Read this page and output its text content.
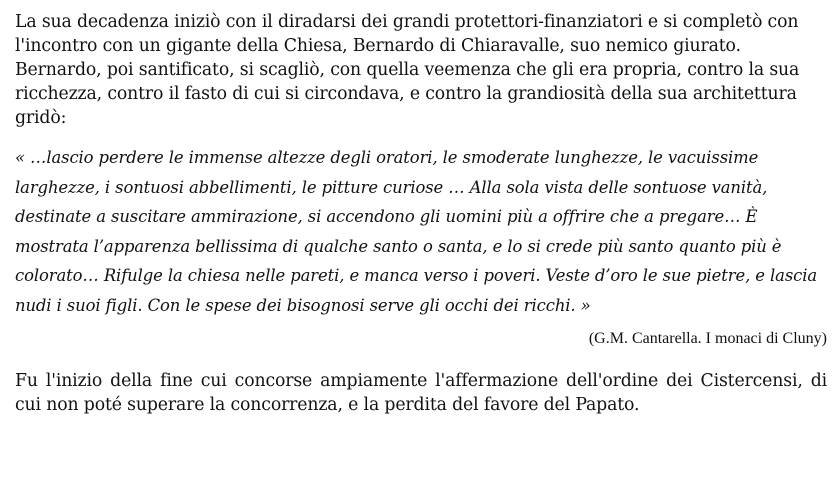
La sua decadenza iniziò con il diradarsi dei grandi protettori-finanziatori e si completò con l'incontro con un gigante della Chiesa, Bernardo di Chiaravalle, suo nemico giurato. Bernardo, poi santificato, si scagliò, con quella veemenza che gli era propria, contro la sua ricchezza, contro il fasto di cui si circondava, e contro la grandiosità della sua architettura gridò:

« …lascio perdere le immense altezze degli oratori, le smoderate lunghezze, le vacuissime larghezze, i sontuosi abbellimenti, le pitture curiose … Alla sola vista delle sontuose vanità, destinate a suscitare ammirazione, si accendono gli uomini più a offrire che a pregare… È mostrata l’apparenza bellissima di qualche santo o santa, e lo si crede più santo quanto più è colorato… Rifulge la chiesa nelle pareti, e manca verso i poveri. Veste d’oro le sue pietre, e lascia nudi i suoi figli. Con le spese dei bisognosi serve gli occhi dei ricchi. »

(G.M. Cantarella. I monaci di Cluny)

Fu l'inizio della fine cui concorse ampiamente l'affermazione dell'ordine dei Cistercensi, di cui non poté superare la concorrenza, e la perdita del favore del Papato.
